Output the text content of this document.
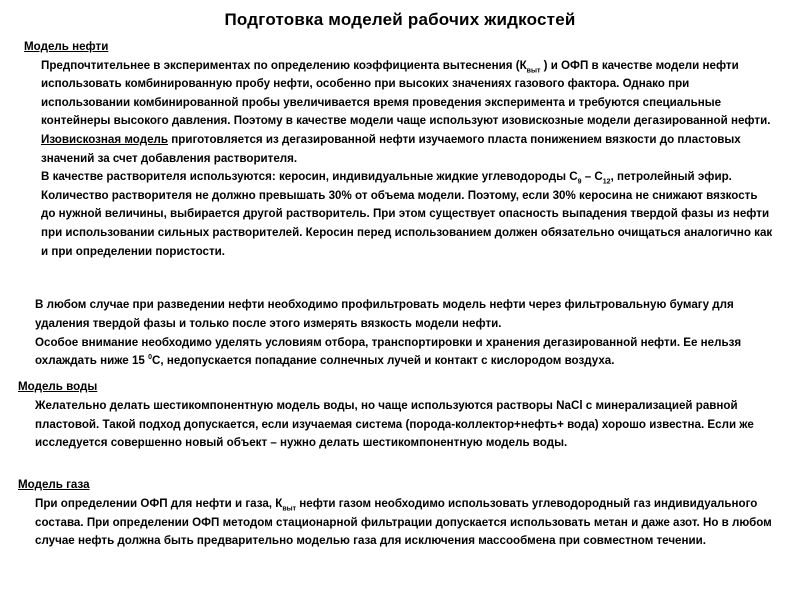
Подготовка моделей рабочих жидкостей
Модель нефти

Предпочтительнее в экспериментах по определению коэффициента вытеснения ($К_{выт}$ ) и ОФП в качестве модели нефти использовать комбинированную пробу нефти, особенно при высоких значениях газового фактора. Однако при использовании комбинированной пробы увеличивается время проведения эксперимента и требуются специальные контейнеры высокого давления. Поэтому в качестве модели чаще используют изовискозные модели дегазированной нефти.

Изовискозная модель приготовляется из дегазированной нефти изучаемого пласта понижением вязкости до пластовых значений за счет добавления растворителя.

В качестве растворителя используются: керосин, индивидуальные жидкие углеводороды $С_9 - С_{12}$, петролейный эфир. Количество растворителя не должно превышать 30% от объема модели. Поэтому, если 30% керосина не снижают вязкость до нужной величины, выбирается другой растворитель. При этом существует опасность выпадения твердой фазы из нефти при использовании сильных растворителей. Керосин перед использованием должен обязательно очищаться аналогично как и при определении пористости.

В любом случае при разведении нефти необходимо профильтровать модель нефти через фильтровальную бумагу для удаления твердой фазы и только после этого измерять вязкость модели нефти.

Особое внимание необходимо уделять условиям отбора, транспортировки и хранения дегазированной нефти. Ее нельзя охлаждать ниже 15 $^0$С, недопускается попадание солнечных лучей и контакт с кислородом воздуха.

Модель воды

Желательно делать шестикомпонентную модель воды, но чаще используются растворы NaCl с минерализацией равной пластовой. Такой подход допускается, если изучаемая система (порода-коллектор+нефть+ вода) хорошо известна. Если же исследуется совершенно новый объект – нужно делать шестикомпонентную модель воды.

Модель газа

При определении ОФП для нефти и газа, $К_{выт}$ нефти газом необходимо использовать углеводородный газ индивидуального состава. При определении ОФП методом стационарной фильтрации допускается использовать метан и даже азот. Но в любом случае нефть должна быть предварительно моделью газа для исключения массообмена при совместном течении.
